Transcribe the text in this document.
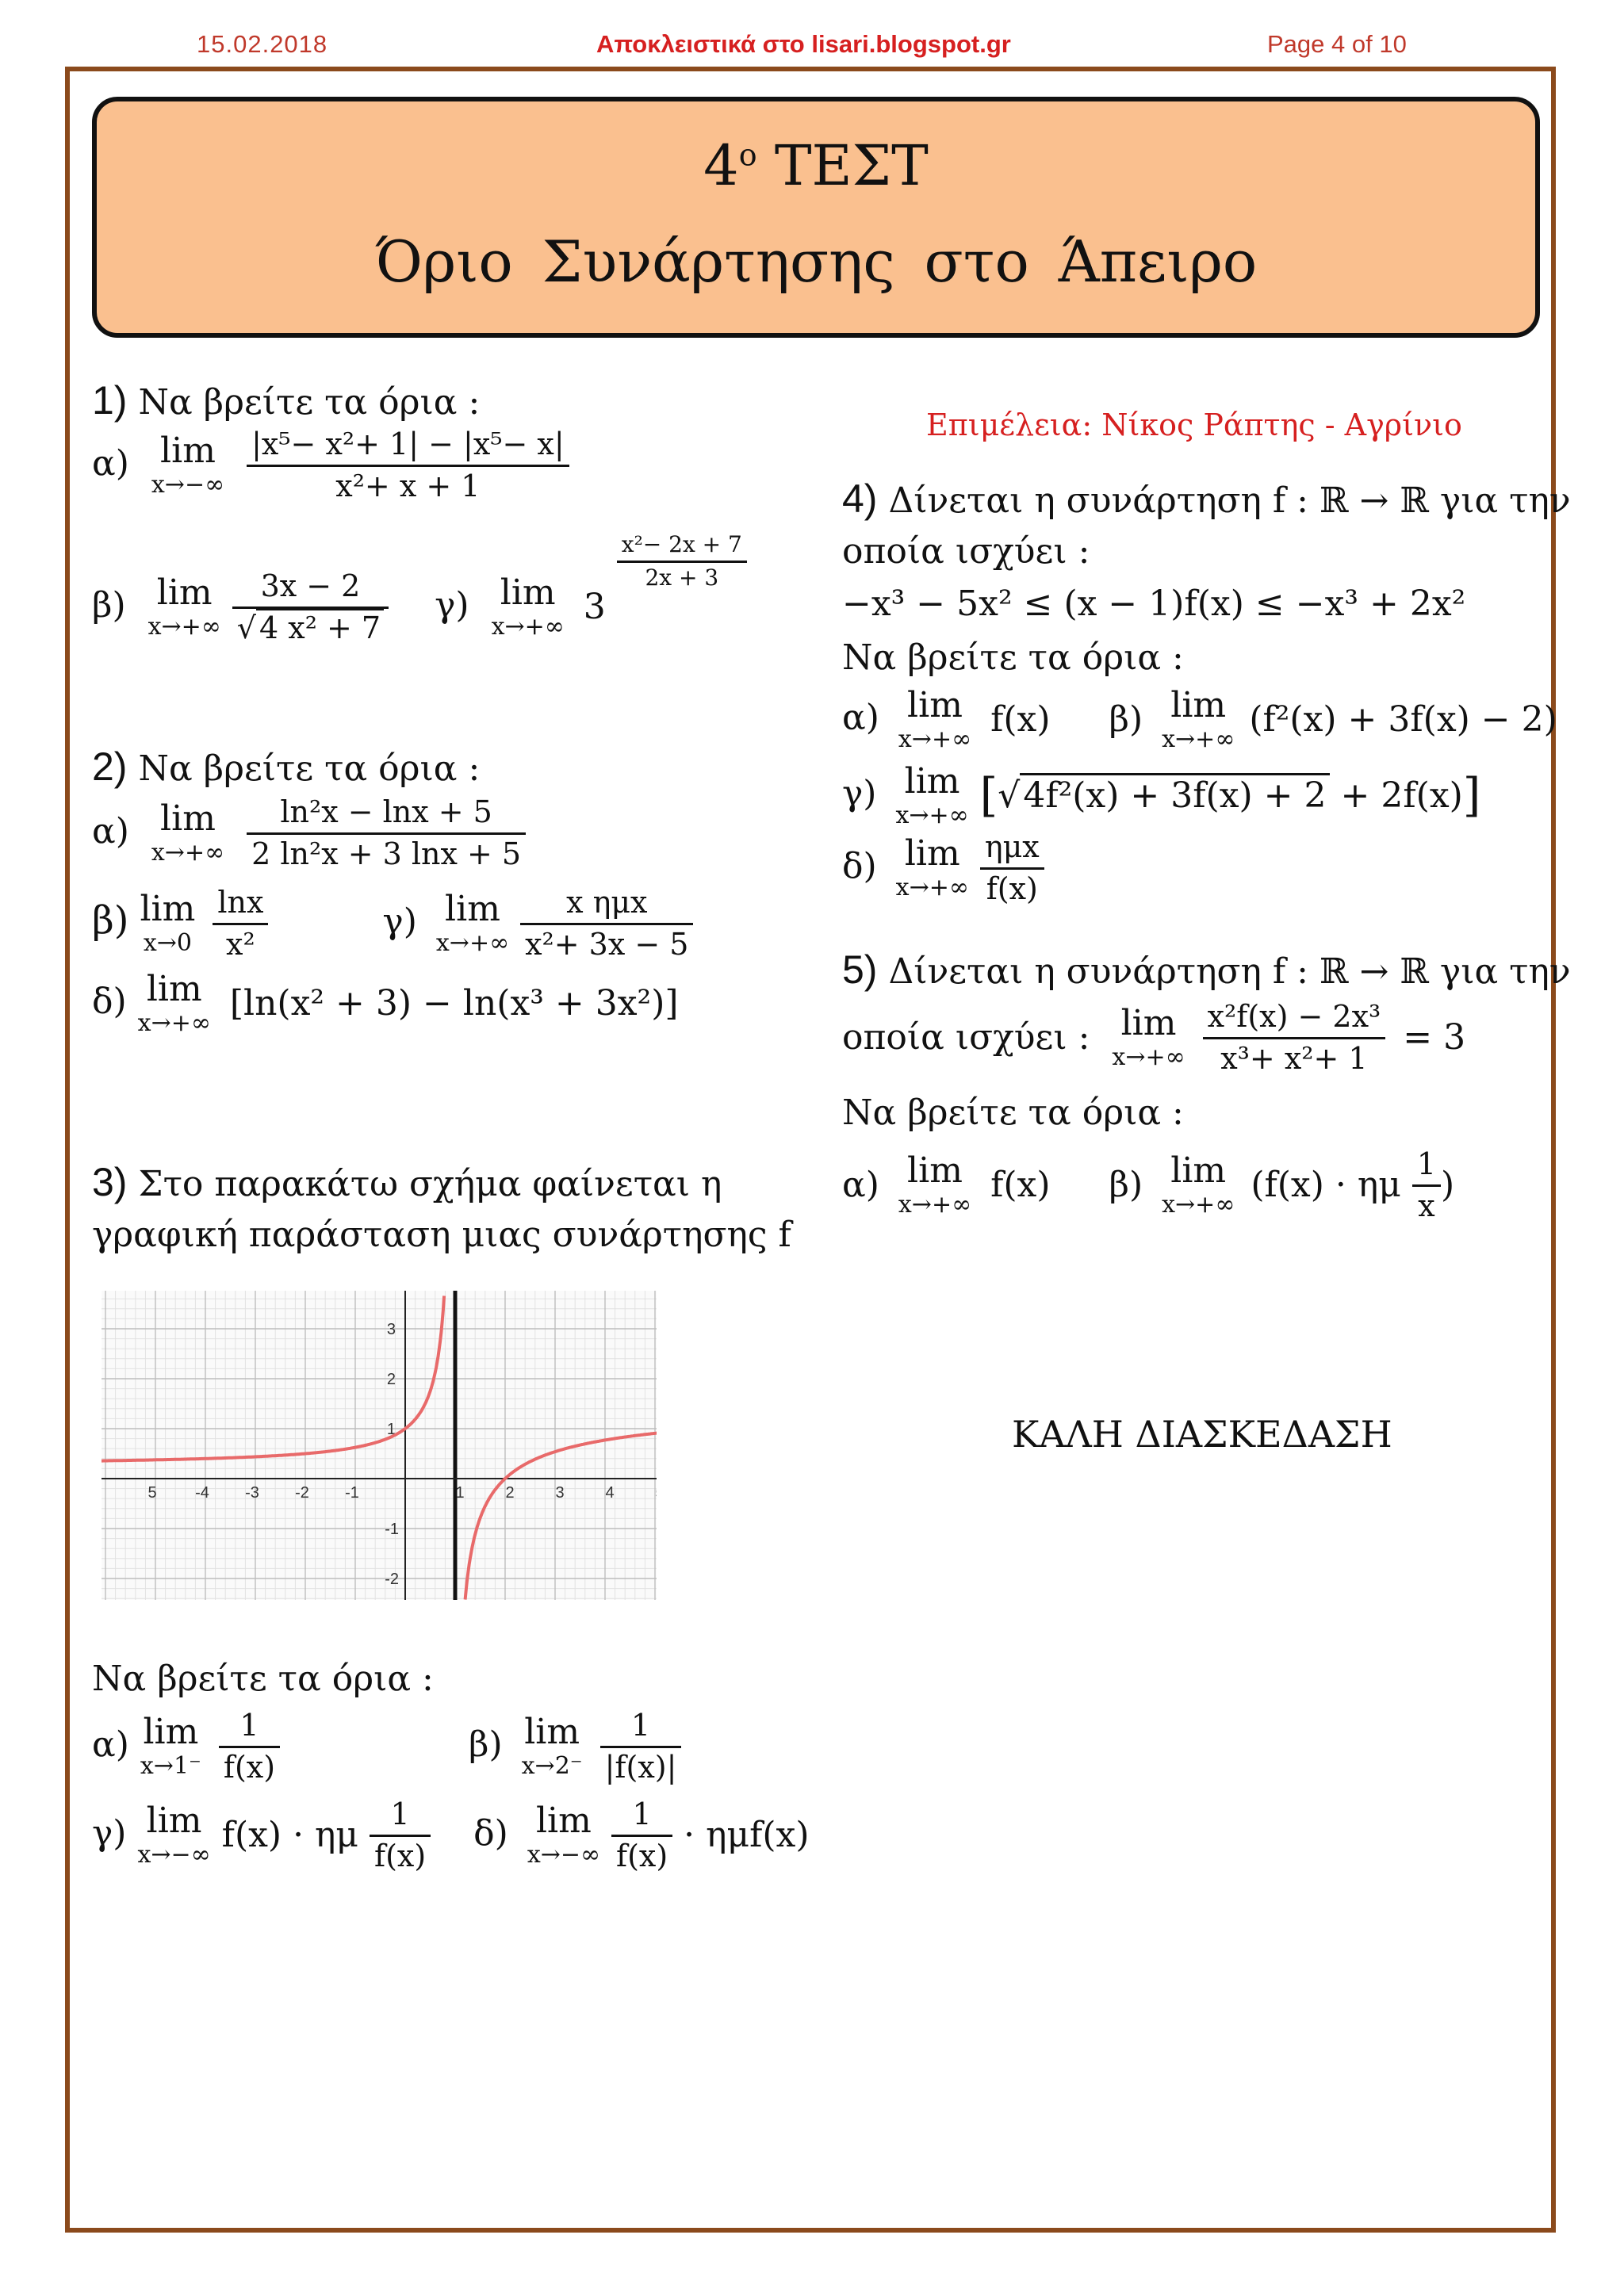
15.02.2018	Αποκλειστικά στο lisari.blogspot.gr	Page 4 of 10
$4^o$ ΤΕΣΤ
Όριο Συνάρτησης στο Άπειρο
Επιμέλεια: Νίκος Ράπτης - Αγρίνιο
1) Να βρείτε τα όρια :
α) lim
x→−∞
$\frac{\text{|x⁵− x²+ 1| − |x⁵− x|}}{\text{x²+ x + 1}}$
β) lim
x→+∞
$\frac{3x - 2}{\text{√ 4 x² + 7}} \gamma$) lim
x→+∞ 3
$\frac{\text{x²− 2x + 7}}{2x + 3}$
2) Να βρείτε τα όρια :
α) lim
x→+∞
$\frac{\text{ln²x − lnx + 5}}{\text{2 ln²x + 3 lnx + 5}}$
β) lim
x→0
$\frac{\ln x}{\text{x²}}$	γ) lim
x→+∞

x ημx
x²+ 3x − 5
δ) lim
x→+∞ [ln(x² + 3) − ln(x³ + 3x²)]
3) Στο παρακάτω σχήμα φαίνεται η
γραφική παράσταση μιας συνάρτησης f
5 -4 -3 -2 -1	1	2	3	4
3
2
1
-1
-2
Να βρείτε τα όρια :
α) lim
x→1⁻
$\frac{1}{f(x)}$	β) lim
x→2⁻
$\frac{1}{|f(x)|}$
γ) lim
x→−∞ f(x) · ημ $\frac{1}{f(x)} \delta$) lim
x→−∞
$\frac{1}{f(x)} \cdot \eta\mu f(x)$
4) Δίνεται η συνάρτηση f : ℝ → ℝ για την
οποία ισχύει :
−x³ − 5x² ≤ (x − 1)f(x) ≤ −x³ + 2x²
Να βρείτε τα όρια :
α) lim
x→+∞ f(x) β) lim
x→+∞ (f²(x) + 3f(x) − 2)
γ) lim
x→+∞ [√4f²(x) + 3f(x) + 2 + 2f(x)]
δ) lim
x→+∞

ημx
f(x)
5) Δίνεται η συνάρτηση f : ℝ → ℝ για την
οποία ισχύει : lim
x→+∞
$\frac{\text{x²f(x) − 2x³}}{\text{x³+ x²+ 1}} = 3$
Να βρείτε τα όρια :
α) lim
x→+∞ f(x) β) lim
x→+∞ (f(x) · ημ $\frac{1}{x}$ )
ΚΑΛΗ ΔΙΑΣΚΕΔΑΣΗ
